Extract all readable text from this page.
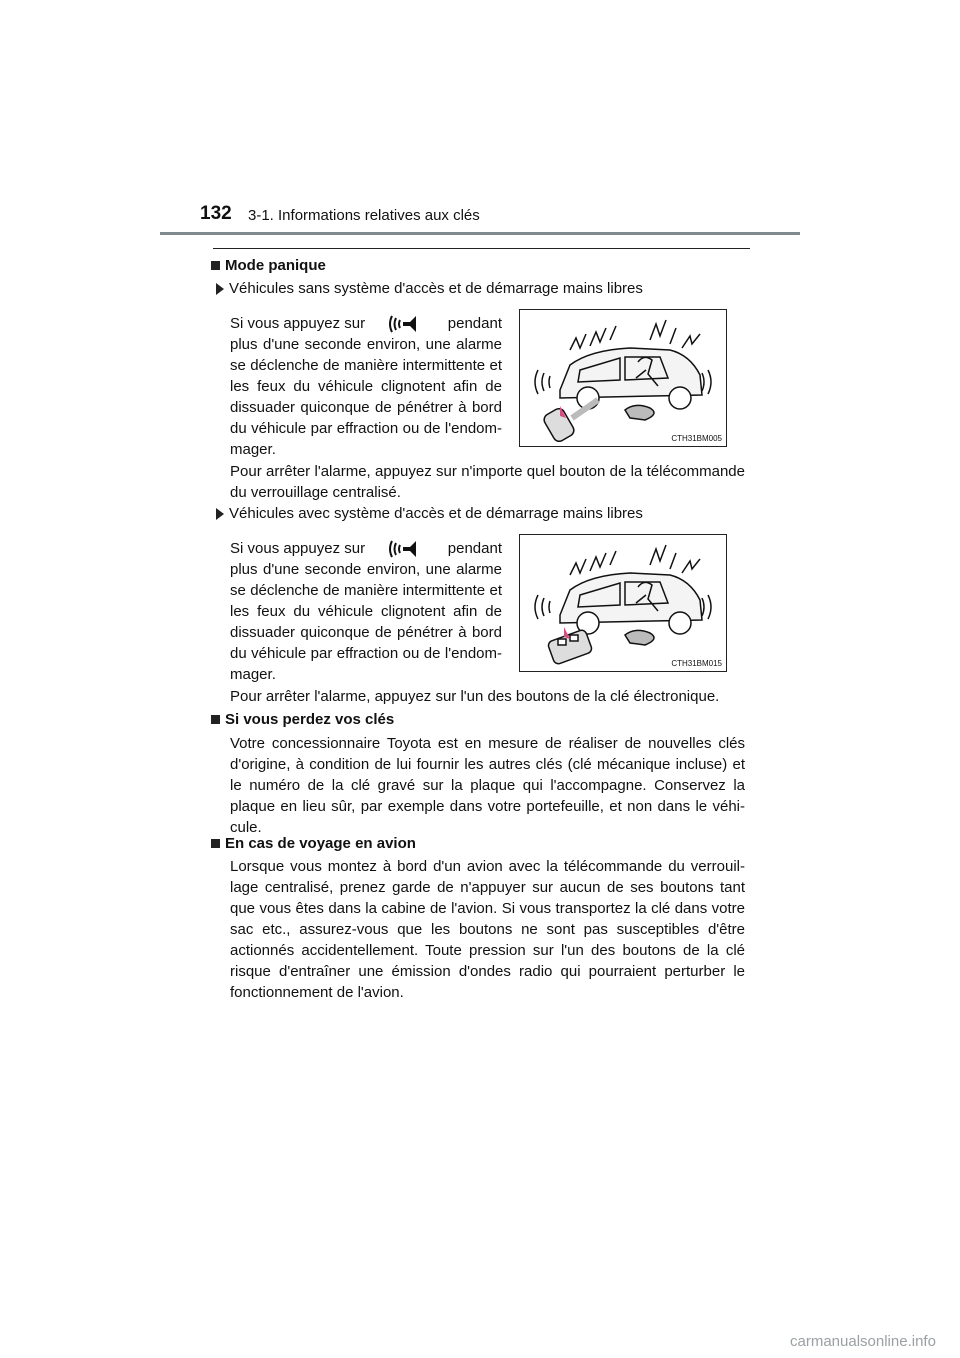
132 3-1. Informations relatives aux clés
Mode panique
Véhicules sans système d'accès et de démarrage mains libres
Si vous appuyez sur	pendant
plus d'une seconde environ, une alarme se déclenche de manière intermittente et les feux du véhicule clignotent afin de dissuader quiconque de pénétrer à bord du véhicule par effraction ou de l'endom-mager.
CTH31BM005

Pour arrêter l'alarme, appuyez sur n'importe quel bouton de la télécommande du verrouillage centralisé.

Véhicules avec système d'accès et de démarrage mains libres
Si vous appuyez sur	pendant
plus d'une seconde environ, une alarme se déclenche de manière intermittente et les feux du véhicule clignotent afin de dissuader quiconque de pénétrer à bord du véhicule par effraction ou de l'endom-mager.
CTH31BM015

Pour arrêter l'alarme, appuyez sur l'un des boutons de la clé électronique.

Si vous perdez vos clés

Votre concessionnaire Toyota est en mesure de réaliser de nouvelles clés d'origine, à condition de lui fournir les autres clés (clé mécanique incluse) et le numéro de la clé gravé sur la plaque qui l'accompagne. Conservez la plaque en lieu sûr, par exemple dans votre portefeuille, et non dans le véhi-cule.

En cas de voyage en avion

Lorsque vous montez à bord d'un avion avec la télécommande du verrouil-lage centralisé, prenez garde de n'appuyer sur aucun de ses boutons tant que vous êtes dans la cabine de l'avion. Si vous transportez la clé dans votre sac etc., assurez-vous que les boutons ne sont pas susceptibles d'être actionnés accidentellement. Toute pression sur l'un des boutons de la clé risque d'entraîner une émission d'ondes radio qui pourraient perturber le fonctionnement de l'avion.

carmanualsonline.info
